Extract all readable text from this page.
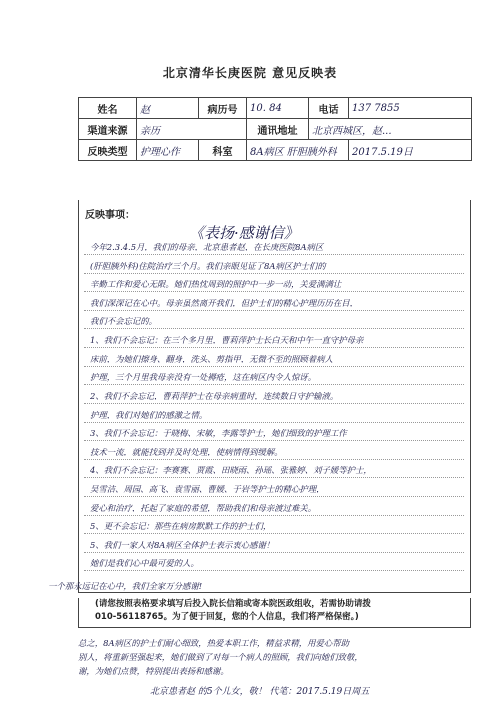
北京清华长庚医院 意见反映表
姓名	赵	病历号	10. 84	电话	137 7855
渠道来源	亲历		通讯地址	北京西城区，赵...	
反映类型	护理心作	科室	8A病区 肝胆胰外科		2017.5.19日
反映事项：
《表扬·感谢信》
今年2.3.4.5月，我们的母亲，北京患者赵，在长庚医院8A病区
(肝胆胰外科)住院治疗三个月。我们亲眼见证了8A病区护士们的
辛勤工作和爱心无限。她们热忱周到的照护中一步一动，关爱满满让
我们深深记在心中。母亲虽然离开我们，但护士们的精心护理历历在目，
我们不会忘记的。
1、我们不会忘记：在三个多月里，曹莉萍护士长白天和中午一直守护母亲
床前，为她们擦身、翻身，洗头、剪指甲，无微不至的照顾着病人
护理，三个月里我母亲没有一处褥疮，这在病区内令人惊讶。
2、我们不会忘记，曹莉萍护士在母亲病重时，连续数日守护输液。
护理，我们对她们的感激之情。
3、我们不会忘记：于晓梅、宋敏，李露等护士，她们细致的护理工作
技术一流，就能找到并及时处理，使病情得到缓解。
4、我们不会忘记：李赛赛、贾霞、田晓雨、孙瑶、张雅婷、刘子媛等护士，
吴雪洁、周园、高飞、袁雪丽、曹媛、于岩等护士的精心护理，
爱心和治疗，托起了家庭的希望，帮助我们和母亲渡过难关。
5、更不会忘记：那些在病房默默工作的护士们，
5、我们一家人对8A病区全体护士表示衷心感谢！
她们是我们心中最可爱的人。
一个那永远记在心中，我们全家万分感谢!
(请您按照表格要求填写后投入院长信箱或寄本院医政组收，若需协助请拨
010-56118765。为了便于回复，您的个人信息，我们将严格保密。)
总之，8A病区的护士们耐心细致，热爱本职工作，精益求精，用爱心帮助
别人，将重新坚强起来，她们做到了对每一个病人的照顾，我们向她们致敬，
谢，为她们点赞，特别提出表扬和感谢。
北京患者赵 的5个儿女，敬！ 代笔：2017.5.19日周五
